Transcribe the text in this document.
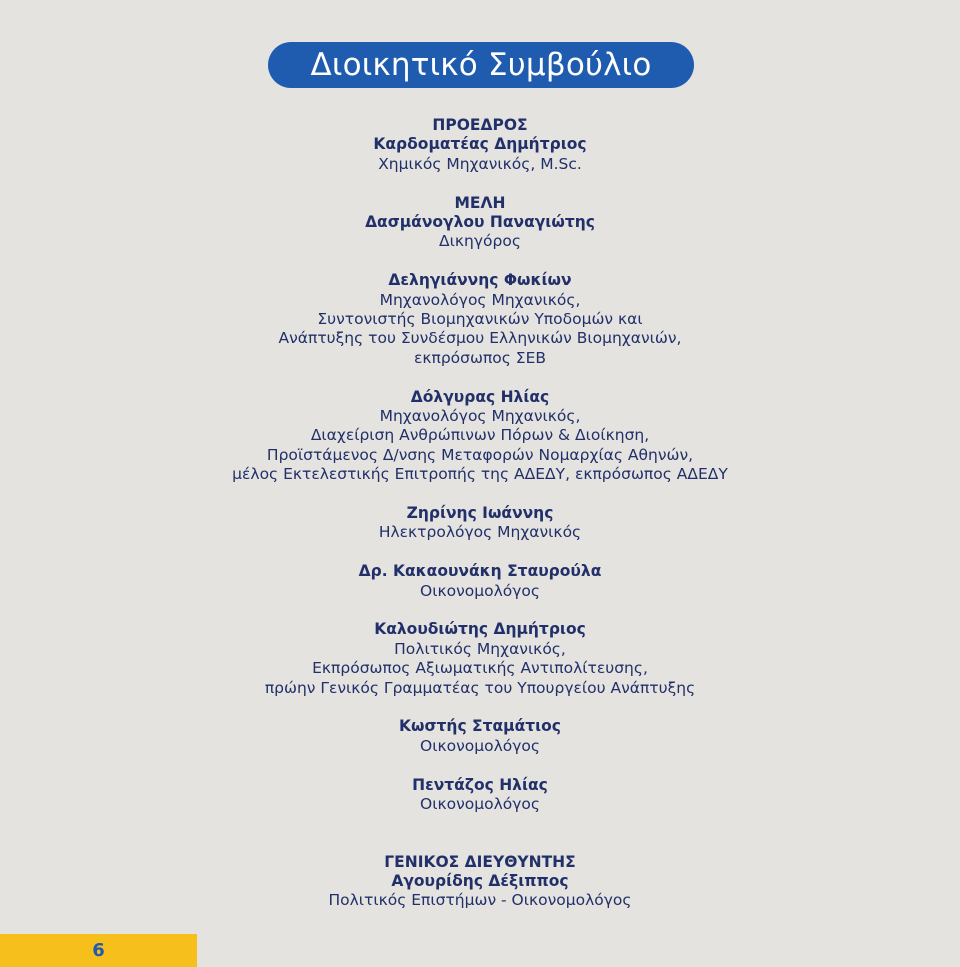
Διοικητικό Συμβούλιο
ΠΡΟΕΔΡΟΣ
Καρδοματέας Δημήτριος
Χημικός Μηχανικός, M.Sc.
ΜΕΛΗ
Δασμάνογλου Παναγιώτης
Δικηγόρος
Δεληγιάννης Φωκίων
Μηχανολόγος Μηχανικός,
Συντονιστής Βιομηχανικών Υποδομών και
Ανάπτυξης του Συνδέσμου Ελληνικών Βιομηχανιών,
εκπρόσωπος ΣΕΒ
Δόλγυρας Ηλίας
Μηχανολόγος Μηχανικός,
Διαχείριση Ανθρώπινων Πόρων & Διοίκηση,
Προϊστάμενος Δ/νσης Μεταφορών Νομαρχίας Αθηνών,
μέλος Εκτελεστικής Επιτροπής της ΑΔΕΔΥ, εκπρόσωπος ΑΔΕΔΥ
Ζηρίνης Ιωάννης
Ηλεκτρολόγος Μηχανικός
Δρ. Κακαουνάκη Σταυρούλα
Οικονομολόγος
Καλουδιώτης Δημήτριος
Πολιτικός Μηχανικός,
Εκπρόσωπος Αξιωματικής Αντιπολίτευσης,
πρώην Γενικός Γραμματέας του Υπουργείου Ανάπτυξης
Κωστής Σταμάτιος
Οικονομολόγος
Πεντάζος Ηλίας
Οικονομολόγος
ΓΕΝΙΚΟΣ ΔΙΕΥΘΥΝΤΗΣ
Αγουρίδης Δέξιππος
Πολιτικός Επιστήμων - Οικονομολόγος
6
